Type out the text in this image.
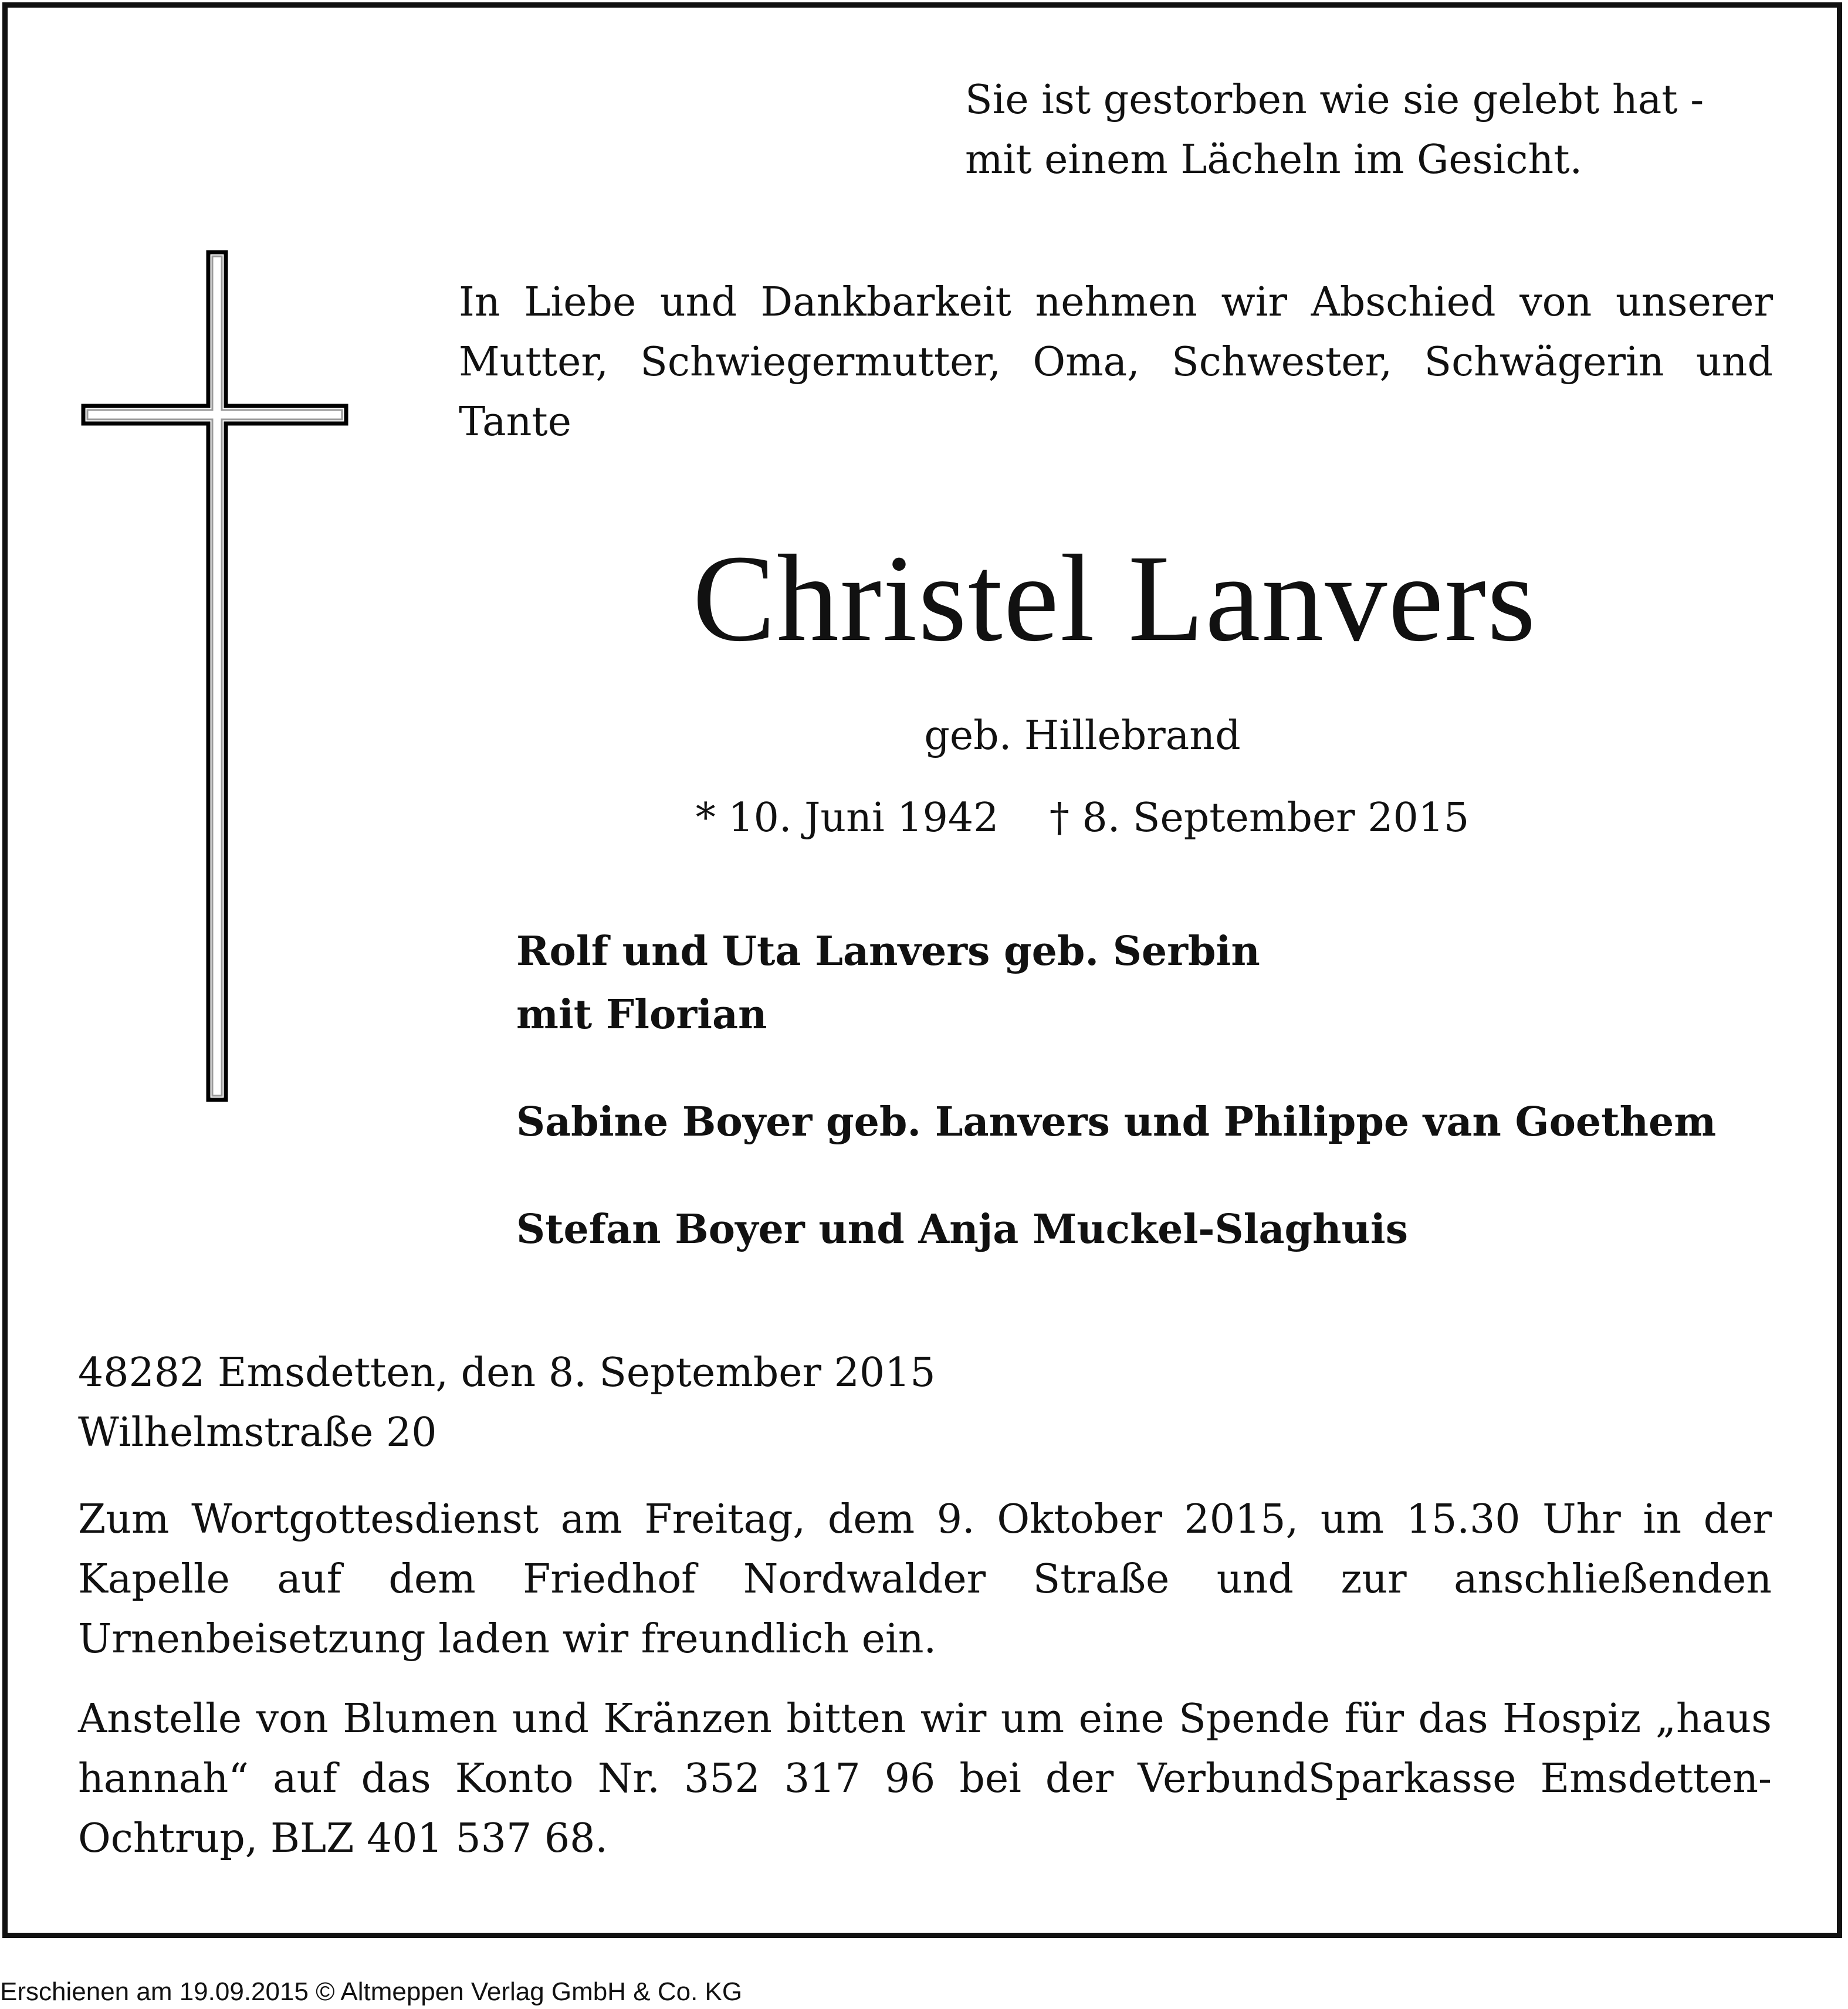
Sie ist gestorben wie sie gelebt hat -
mit einem Lächeln im Gesicht.

In Liebe und Dankbarkeit nehmen wir Abschied von unserer Mutter, Schwiegermutter, Oma, Schwester, Schwägerin und Tante

Christel Lanvers
geb. Hillebrand
* 10. Juni 1942    † 8. September 2015
Rolf und Uta Lanvers geb. Serbin
mit Florian
Sabine Boyer geb. Lanvers und Philippe van Goethem
Stefan Boyer und Anja Muckel-Slaghuis
48282 Emsdetten, den 8. September 2015
Wilhelmstraße 20

Zum Wortgottesdienst am Freitag, dem 9. Oktober 2015, um 15.30 Uhr in der Kapelle auf dem Friedhof Nordwalder Straße und zur anschließenden Urnenbeisetzung laden wir freundlich ein.

Anstelle von Blumen und Kränzen bitten wir um eine Spende für das Hospiz „haus hannah“ auf das Konto Nr. 352 317 96 bei der VerbundSparkasse Emsdetten-Ochtrup, BLZ 401 537 68.

Erschienen am 19.09.2015 © Altmeppen Verlag GmbH & Co. KG
